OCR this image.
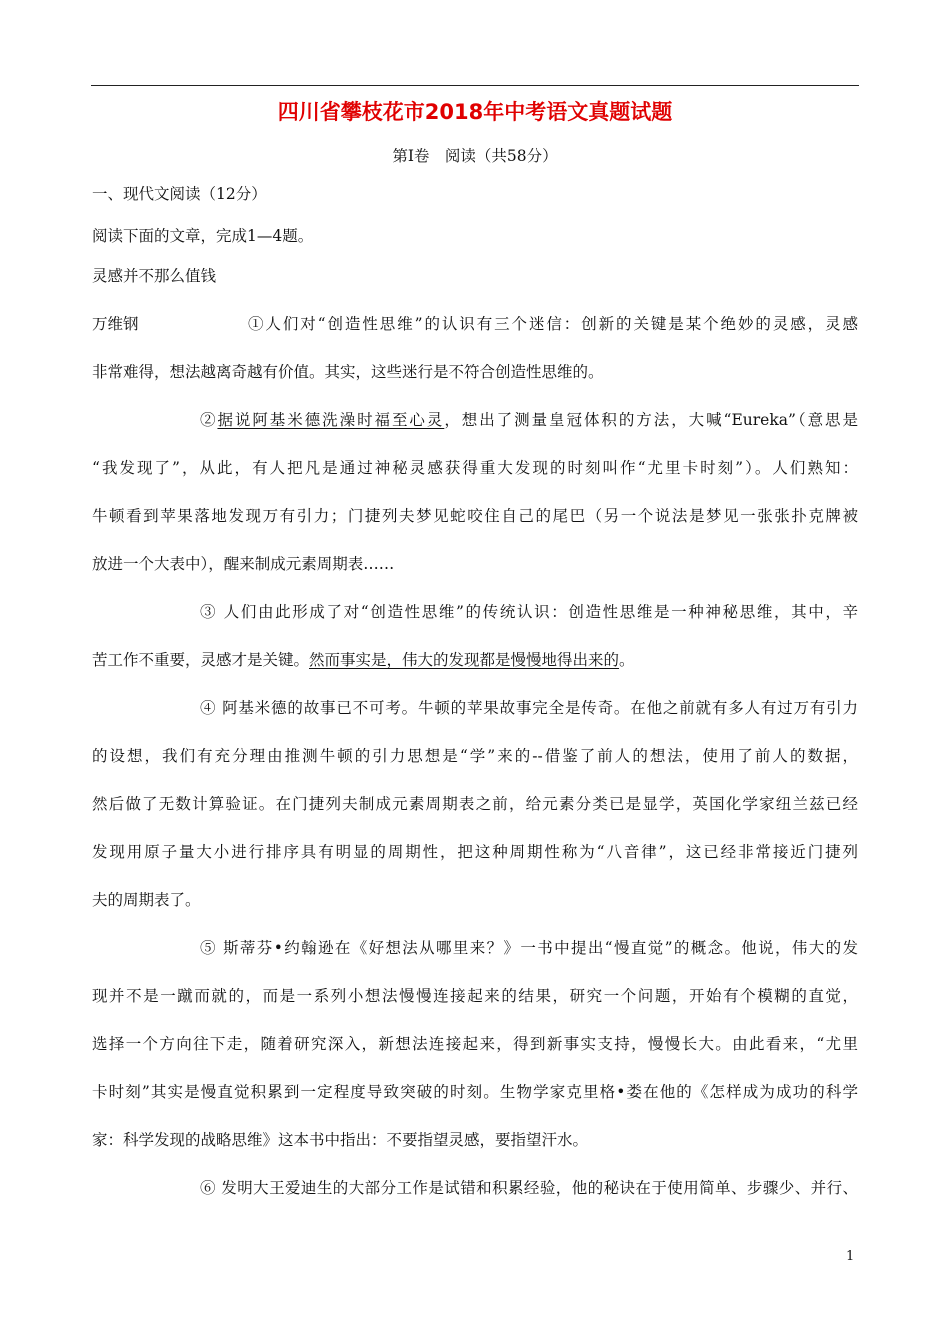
四川省攀枝花市2018年中考语文真题试题
第Ⅰ卷　阅读（共58分）
一、现代文阅读（12分）
阅读下面的文章，完成1—4题。
灵感并不那么值钱
万维钢	①人们对“创造性思维”的认识有三个迷信：创新的关键是某个绝妙的灵感，灵感
非常难得，想法越离奇越有价值。其实，这些迷行是不符合创造性思维的。
②据说阿基米德洗澡时福至心灵，想出了测量皇冠体积的方法，大喊“Eureka”（意思是
“我发现了”，从此，有人把凡是通过神秘灵感获得重大发现的时刻叫作“尤里卡时刻”）。人们熟知：
牛顿看到苹果落地发现万有引力；门捷列夫梦见蛇咬住自己的尾巴（另一个说法是梦见一张张扑克牌被
放进一个大表中），醒来制成元素周期表……
③ 人们由此形成了对“创造性思维”的传统认识：创造性思维是一种神秘思维，其中，辛
苦工作不重要，灵感才是关键。然而事实是，伟大的发现都是慢慢地得出来的。
④ 阿基米德的故事已不可考。牛顿的苹果故事完全是传奇。在他之前就有多人有过万有引力
的设想，我们有充分理由推测牛顿的引力思想是“学”来的--借鉴了前人的想法，使用了前人的数据，
然后做了无数计算验证。在门捷列夫制成元素周期表之前，给元素分类已是显学，英国化学家纽兰兹已经
发现用原子量大小进行排序具有明显的周期性，把这种周期性称为“八音律”，这已经非常接近门捷列
夫的周期表了。
⑤ 斯蒂芬•约翰逊在《好想法从哪里来？》一书中提出“慢直觉”的概念。他说，伟大的发
现并不是一蹴而就的，而是一系列小想法慢慢连接起来的结果，研究一个问题，开始有个模糊的直觉，
选择一个方向往下走，随着研究深入，新想法连接起来，得到新事实支持，慢慢长大。由此看来，“尤里
卡时刻”其实是慢直觉积累到一定程度导致突破的时刻。生物学家克里格•娄在他的《怎样成为成功的科学
家：科学发现的战略思维》这本书中指出：不要指望灵感，要指望汗水。
⑥ 发明大王爱迪生的大部分工作是试错和积累经验，他的秘诀在于使用简单、步骤少、并行、
1
